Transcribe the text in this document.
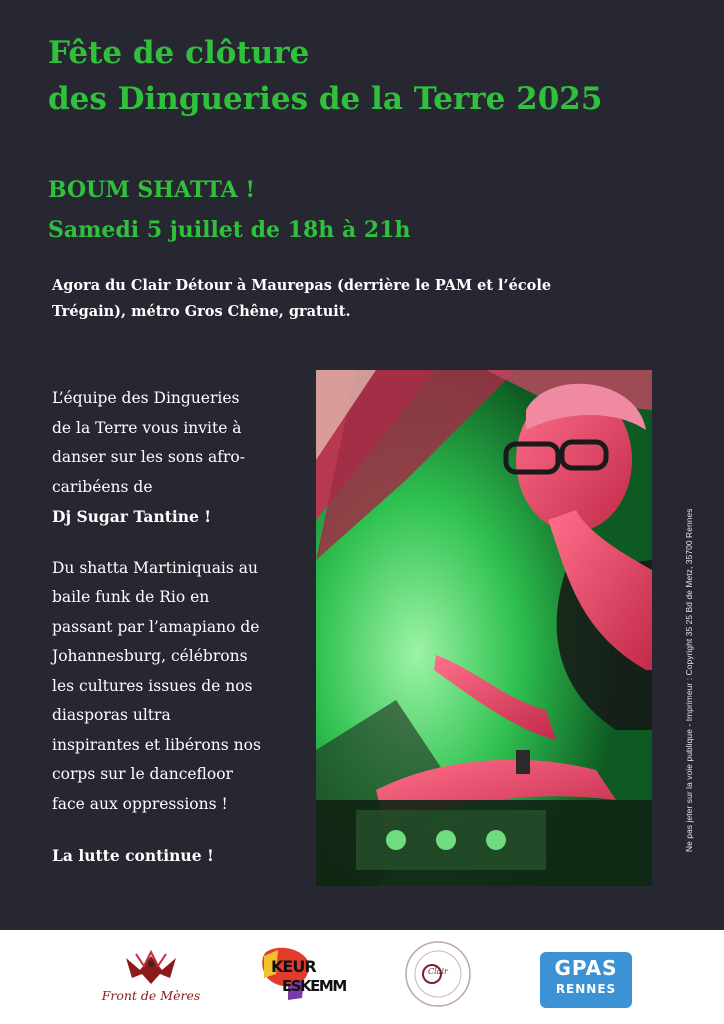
Fête de clôture
des Dingueries de la Terre 2025
BOUM SHATTA !
Samedi 5 juillet de 18h à 21h
Agora du Clair Détour à Maurepas (derrière le PAM et l’école
Trégain), métro Gros Chêne, gratuit.
L’équipe des Dingueries
de la Terre vous invite à
danser sur les sons afro-
caribéens de
Dj Sugar Tantine !
Du shatta Martiniquais au
baile funk de Rio en
passant par l’amapiano de
Johannesburg, célébrons
les cultures issues de nos
diasporas ultra
inspirantes et libérons nos
corps sur le dancefloor
face aux oppressions !
La lutte continue !
Ne pas jeter sur la voie publique - Imprimeur : Copyright 35 25 Bd de Metz, 35700 Rennes
Front de Mères
KEUR
ESKEMM
Clair	GPAS
RENNES
